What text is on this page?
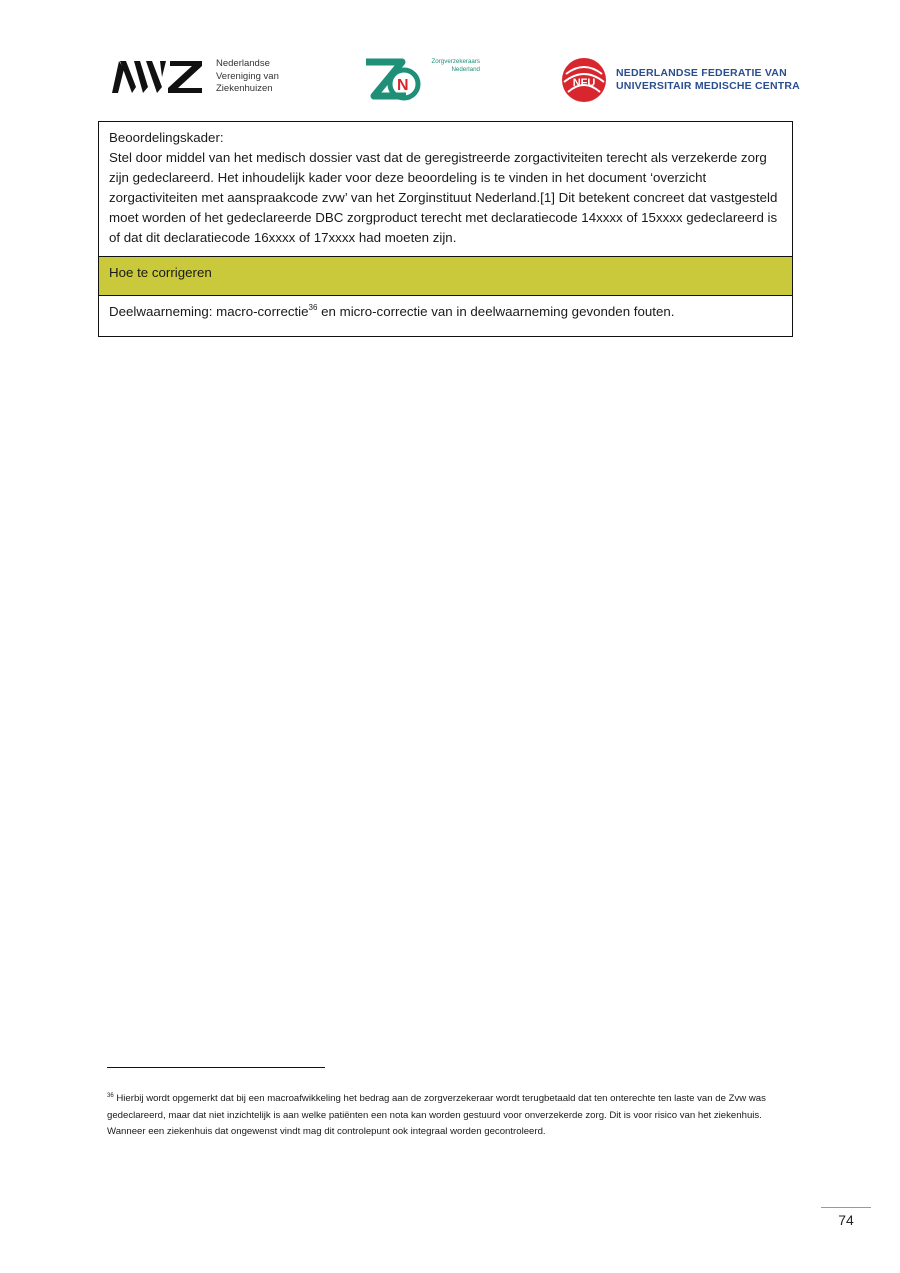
Nederlandse
Vereniging van
Ziekenhuizen	N
Zorgverzekeraars
Nederland
NFU
NEDERLANDSE FEDERATIE VAN
UNIVERSITAIR MEDISCHE CENTRA
Beoordelingskader:
Stel door middel van het medisch dossier vast dat de geregistreerde zorgactiviteiten terecht als verzekerde zorg zijn gedeclareerd. Het inhoudelijk kader voor deze beoordeling is te vinden in het document ‘overzicht zorgactiviteiten met aanspraakcode zvw’ van het Zorginstituut Nederland.[1] Dit betekent concreet dat vastgesteld moet worden of het gedeclareerde DBC zorgproduct terecht met declaratiecode 14xxxx of 15xxxx gedeclareerd is of dat dit declaratiecode 16xxxx of 17xxxx had moeten zijn.
Hoe te corrigeren
Deelwaarneming: macro-correctie$^{36}$ en micro-correctie van in deelwaarneming gevonden fouten.
$^{36}$ Hierbij wordt opgemerkt dat bij een macroafwikkeling het bedrag aan de zorgverzekeraar wordt terugbetaald dat ten onterechte ten laste van de Zvw was gedeclareerd, maar dat niet inzichtelijk is aan welke patiënten een nota kan worden gestuurd voor onverzekerde zorg. Dit is voor risico van het ziekenhuis. Wanneer een ziekenhuis dat ongewenst vindt mag dit controlepunt ook integraal worden gecontroleerd.
74
